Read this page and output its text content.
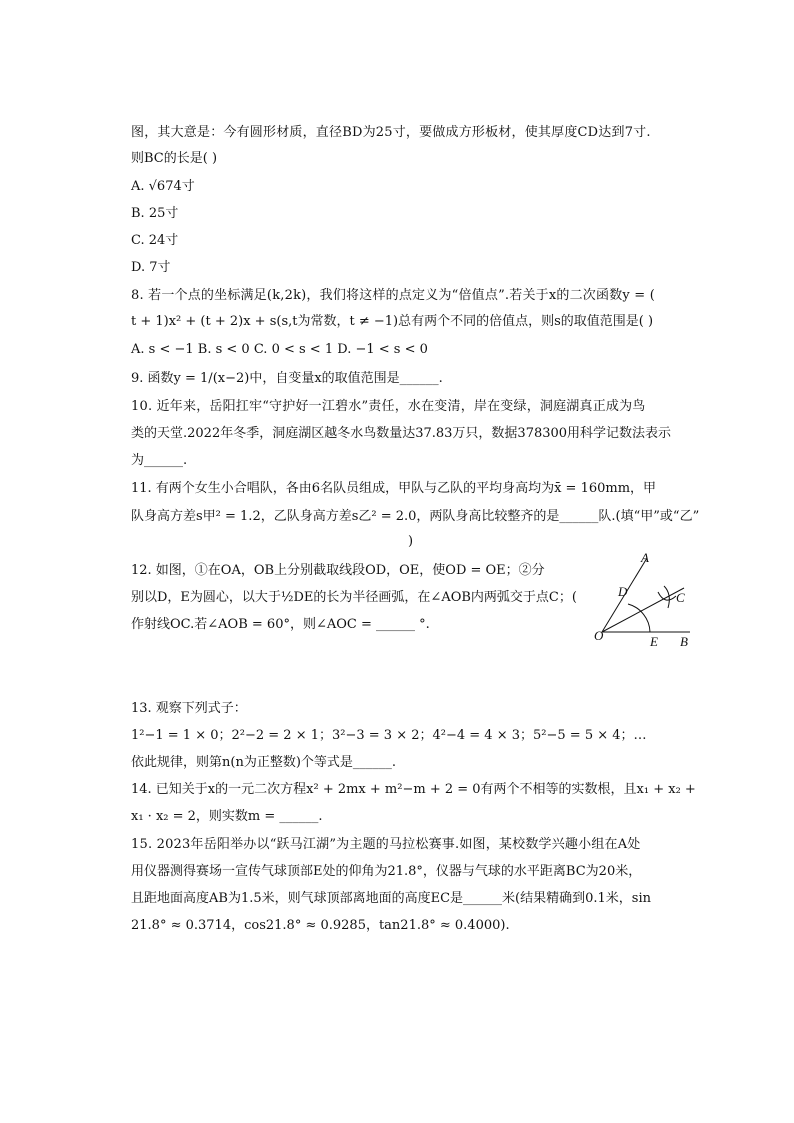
图，其大意是：今有圆形材质，直径BD为25寸，要做成方形板材，使其厚度CD达到7寸.
则BC的长是( )
A. √674寸
B. 25寸
C. 24寸
D. 7寸
8. 若一个点的坐标满足(k,2k)，我们将这样的点定义为“倍值点”.若关于x的二次函数y = (
t + 1)x² + (t + 2)x + s(s,t为常数，t ≠ −1)总有两个不同的倍值点，则s的取值范围是( )
A. s < −1 B. s < 0 C. 0 < s < 1 D. −1 < s < 0
9. 函数y = 1/(x−2)中，自变量x的取值范围是______.
10. 近年来，岳阳扛牢“守护好一江碧水”责任，水在变清，岸在变绿，洞庭湖真正成为鸟
类的天堂.2022年冬季，洞庭湖区越冬水鸟数量达37.83万只，数据378300用科学记数法表示
为______.
11. 有两个女生小合唱队，各由6名队员组成，甲队与乙队的平均身高均为x̄ = 160mm，甲
队身高方差s甲² = 1.2，乙队身高方差s乙² = 2.0，两队身高比较整齐的是______队.(填“甲”或“乙”
)
12. 如图，①在OA，OB上分别截取线段OD，OE，使OD = OE；②分
别以D，E为圆心，以大于½DE的长为半径画弧，在∠AOB内两弧交于点C；(
作射线OC.若∠AOB = 60°，则∠AOC = ______ °.
13. 观察下列式子：
1²−1 = 1 × 0；2²−2 = 2 × 1；3²−3 = 3 × 2；4²−4 = 4 × 3；5²−5 = 5 × 4；…
依此规律，则第n(n为正整数)个等式是______.
14. 已知关于x的一元二次方程x² + 2mx + m²−m + 2 = 0有两个不相等的实数根，且x₁ + x₂ +
x₁ · x₂ = 2，则实数m = ______.
15. 2023年岳阳举办以“跃马江湖”为主题的马拉松赛事.如图，某校数学兴趣小组在A处
用仪器测得赛场一宣传气球顶部E处的仰角为21.8°，仪器与气球的水平距离BC为20米，
且距地面高度AB为1.5米，则气球顶部离地面的高度EC是______米(结果精确到0.1米，sin
21.8° ≈ 0.3714，cos21.8° ≈ 0.9285，tan21.8° ≈ 0.4000).
A
D	C
O	E B
